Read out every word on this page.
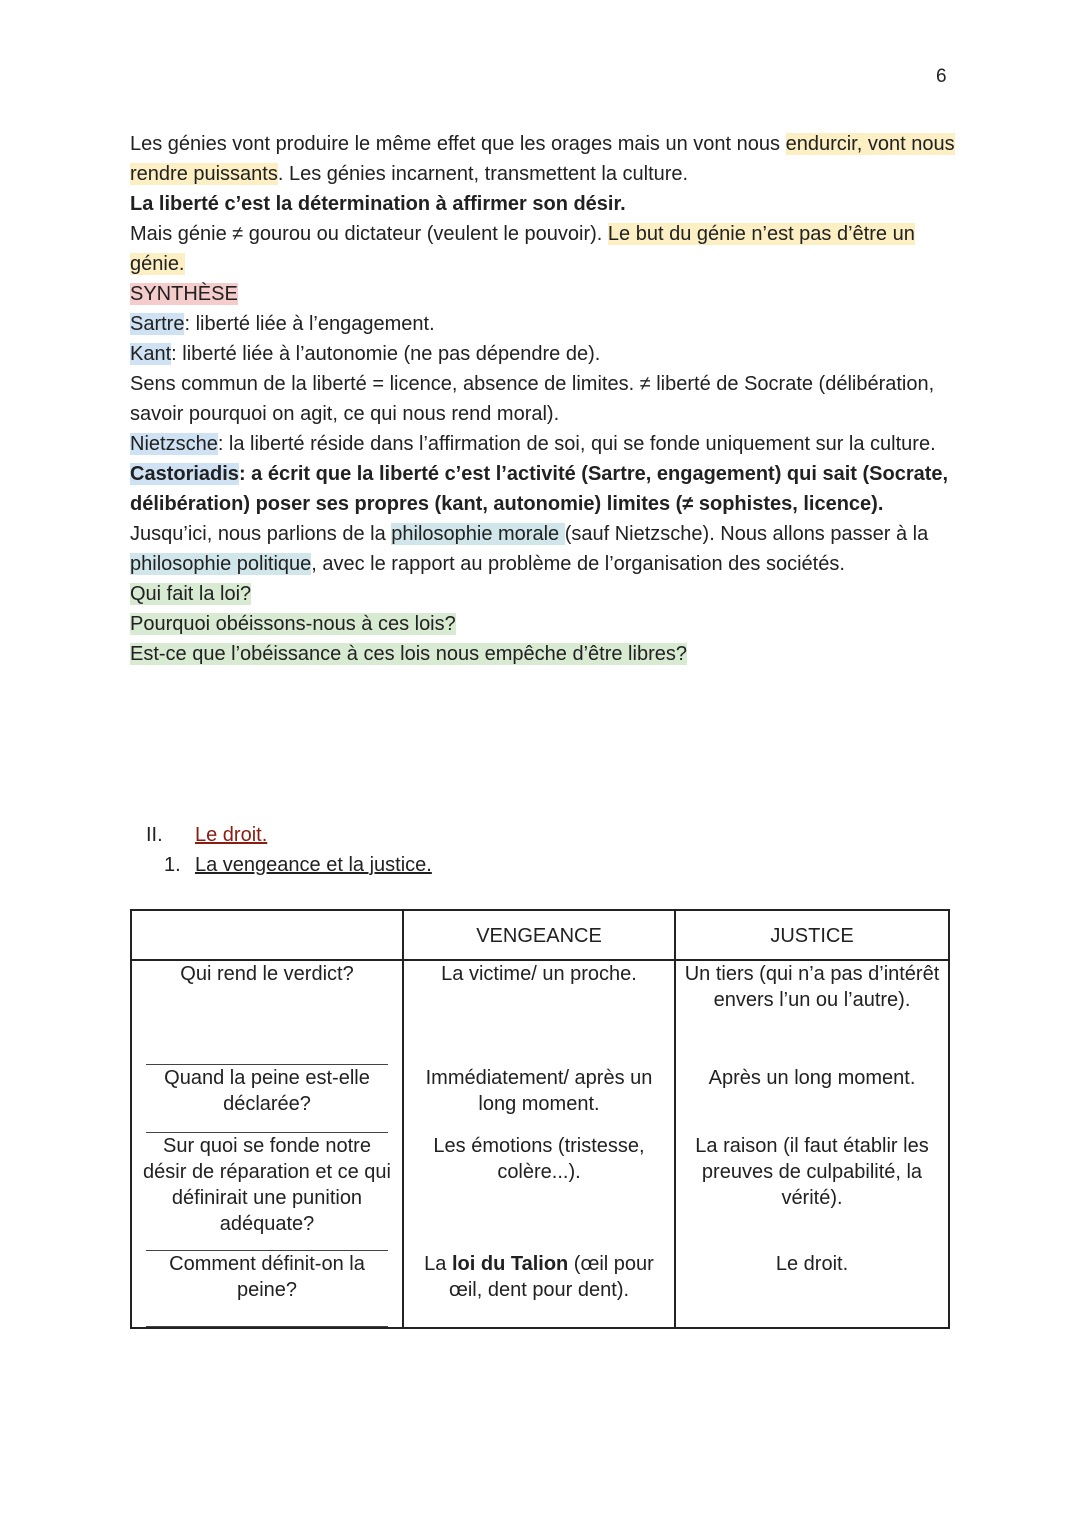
6

Les génies vont produire le même effet que les orages mais un vont nous endurcir, vont nous rendre puissants. Les génies incarnent, transmettent la culture.

La liberté c’est la détermination à affirmer son désir.

Mais génie ≠ gourou ou dictateur (veulent le pouvoir). Le but du génie n’est pas d’être un génie.

SYNTHÈSE

Sartre: liberté liée à l’engagement.

Kant: liberté liée à l’autonomie (ne pas dépendre de).

Sens commun de la liberté = licence, absence de limites. ≠ liberté de Socrate (délibération, savoir pourquoi on agit, ce qui nous rend moral).

Nietzsche: la liberté réside dans l’affirmation de soi, qui se fonde uniquement sur la culture.

Castoriadis: a écrit que la liberté c’est l’activité (Sartre, engagement) qui sait (Socrate, délibération) poser ses propres (kant, autonomie) limites (≠ sophistes, licence).

Jusqu’ici, nous parlions de la philosophie morale (sauf Nietzsche). Nous allons passer à la philosophie politique, avec le rapport au problème de l’organisation des sociétés.

Qui fait la loi?

Pourquoi obéissons-nous à ces lois?

Est-ce que l’obéissance à ces lois nous empêche d’être libres?

II. Le droit.
1. La vengeance et la justice.
	VENGEANCE	JUSTICE
Qui rend le verdict?	La victime/ un proche.	Un tiers (qui n’a pas d’intérêt envers l’un ou l’autre).
Quand la peine est-elle déclarée?	Immédiatement/ après un long moment.	Après un long moment.
Sur quoi se fonde notre désir de réparation et ce qui définirait une punition adéquate?	Les émotions (tristesse, colère...).	La raison (il faut établir les preuves de culpabilité, la vérité).
Comment définit-on la peine?	La loi du Talion (œil pour œil, dent pour dent).	Le droit.
